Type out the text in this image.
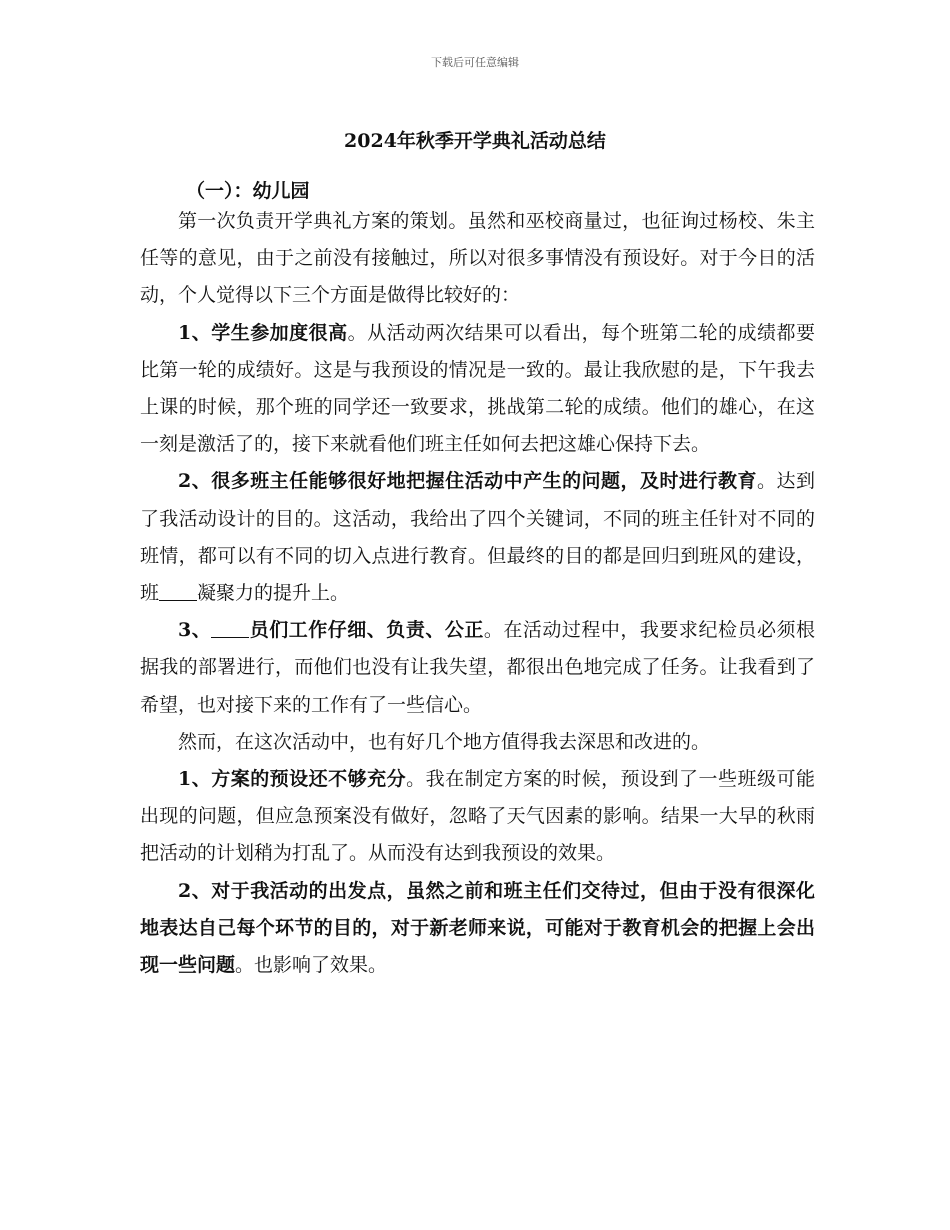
下载后可任意编辑
2024年秋季开学典礼活动总结
（一）：幼儿园

第一次负责开学典礼方案的策划。虽然和巫校商量过，也征询过杨校、朱主任等的意见，由于之前没有接触过，所以对很多事情没有预设好。对于今日的活动，个人觉得以下三个方面是做得比较好的：

1、学生参加度很高。从活动两次结果可以看出，每个班第二轮的成绩都要比第一轮的成绩好。这是与我预设的情况是一致的。最让我欣慰的是，下午我去上课的时候，那个班的同学还一致要求，挑战第二轮的成绩。他们的雄心，在这一刻是激活了的，接下来就看他们班主任如何去把这雄心保持下去。

2、很多班主任能够很好地把握住活动中产生的问题，及时进行教育。达到了我活动设计的目的。这活动，我给出了四个关键词，不同的班主任针对不同的班情，都可以有不同的切入点进行教育。但最终的目的都是回归到班风的建设，班 凝聚力的提升上。

3、 员们工作仔细、负责、公正。在活动过程中，我要求纪检员必须根据我的部署进行，而他们也没有让我失望，都很出色地完成了任务。让我看到了希望，也对接下来的工作有了一些信心。

然而，在这次活动中，也有好几个地方值得我去深思和改进的。

1、方案的预设还不够充分。我在制定方案的时候，预设到了一些班级可能出现的问题，但应急预案没有做好，忽略了天气因素的影响。结果一大早的秋雨把活动的计划稍为打乱了。从而没有达到我预设的效果。

2、对于我活动的出发点，虽然之前和班主任们交待过，但由于没有很深化地表达自己每个环节的目的，对于新老师来说，可能对于教育机会的把握上会出现一些问题。也影响了效果。
